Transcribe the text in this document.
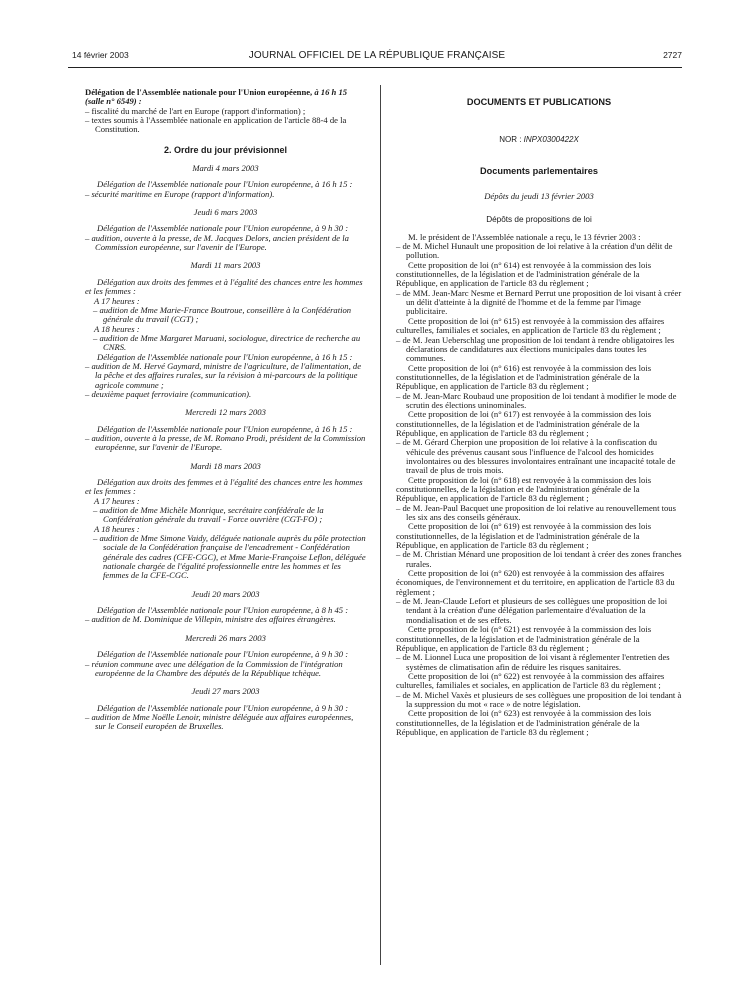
14 février 2003	JOURNAL OFFICIEL DE LA RÉPUBLIQUE FRANÇAISE	2727

Délégation de l'Assemblée nationale pour l'Union européenne, à 16 h 15 (salle n° 6549) :

– fiscalité du marché de l'art en Europe (rapport d'information) ;

– textes soumis à l'Assemblée nationale en application de l'article 88-4 de la Constitution.

2. Ordre du jour prévisionnel

Mardi 4 mars 2003

Délégation de l'Assemblée nationale pour l'Union européenne, à 16 h 15 :

– sécurité maritime en Europe (rapport d'information).

Jeudi 6 mars 2003

Délégation de l'Assemblée nationale pour l'Union européenne, à 9 h 30 :

– audition, ouverte à la presse, de M. Jacques Delors, ancien président de la Commission européenne, sur l'avenir de l'Europe.

Mardi 11 mars 2003

Délégation aux droits des femmes et à l'égalité des chances entre les hommes et les femmes :

A 17 heures :

– audition de Mme Marie-France Boutroue, conseillère à la Confédération générale du travail (CGT) ;

A 18 heures :

– audition de Mme Margaret Maruani, sociologue, directrice de recherche au CNRS.

Délégation de l'Assemblée nationale pour l'Union européenne, à 16 h 15 :

– audition de M. Hervé Gaymard, ministre de l'agriculture, de l'alimentation, de la pêche et des affaires rurales, sur la révision à mi-parcours de la politique agricole commune ;

– deuxième paquet ferroviaire (communication).

Mercredi 12 mars 2003

Délégation de l'Assemblée nationale pour l'Union européenne, à 16 h 15 :

– audition, ouverte à la presse, de M. Romano Prodi, président de la Commission européenne, sur l'avenir de l'Europe.

Mardi 18 mars 2003

Délégation aux droits des femmes et à l'égalité des chances entre les hommes et les femmes :

A 17 heures :

– audition de Mme Michèle Monrique, secrétaire confédérale de la Confédération générale du travail - Force ouvrière (CGT-FO) ;

A 18 heures :

– audition de Mme Simone Vaidy, déléguée nationale auprès du pôle protection sociale de la Confédération française de l'encadrement - Confédération générale des cadres (CFE-CGC), et Mme Marie-Françoise Leflon, déléguée nationale chargée de l'égalité professionnelle entre les hommes et les femmes de la CFE-CGC.

Jeudi 20 mars 2003

Délégation de l'Assemblée nationale pour l'Union européenne, à 8 h 45 :

– audition de M. Dominique de Villepin, ministre des affaires étrangères.

Mercredi 26 mars 2003

Délégation de l'Assemblée nationale pour l'Union européenne, à 9 h 30 :

– réunion commune avec une délégation de la Commission de l'intégration européenne de la Chambre des députés de la République tchèque.

Jeudi 27 mars 2003

Délégation de l'Assemblée nationale pour l'Union européenne, à 9 h 30 :

– audition de Mme Noëlle Lenoir, ministre déléguée aux affaires européennes, sur le Conseil européen de Bruxelles.

DOCUMENTS ET PUBLICATIONS

NOR : INPX0300422X

Documents parlementaires

Dépôts du jeudi 13 février 2003

Dépôts de propositions de loi

M. le président de l'Assemblée nationale a reçu, le 13 février 2003 :

– de M. Michel Hunault une proposition de loi relative à la création d'un délit de pollution.

Cette proposition de loi (n° 614) est renvoyée à la commission des lois constitutionnelles, de la législation et de l'administration générale de la République, en application de l'article 83 du règlement ;

– de MM. Jean-Marc Nesme et Bernard Perrut une proposition de loi visant à créer un délit d'atteinte à la dignité de l'homme et de la femme par l'image publicitaire.

Cette proposition de loi (n° 615) est renvoyée à la commission des affaires culturelles, familiales et sociales, en application de l'article 83 du règlement ;

– de M. Jean Ueberschlag une proposition de loi tendant à rendre obligatoires les déclarations de candidatures aux élections municipales dans toutes les communes.

Cette proposition de loi (n° 616) est renvoyée à la commission des lois constitutionnelles, de la législation et de l'administration générale de la République, en application de l'article 83 du règlement ;

– de M. Jean-Marc Roubaud une proposition de loi tendant à modifier le mode de scrutin des élections uninominales.

Cette proposition de loi (n° 617) est renvoyée à la commission des lois constitutionnelles, de la législation et de l'administration générale de la République, en application de l'article 83 du règlement ;

– de M. Gérard Cherpion une proposition de loi relative à la confiscation du véhicule des prévenus causant sous l'influence de l'alcool des homicides involontaires ou des blessures involontaires entraînant une incapacité totale de travail de plus de trois mois.

Cette proposition de loi (n° 618) est renvoyée à la commission des lois constitutionnelles, de la législation et de l'administration générale de la République, en application de l'article 83 du règlement ;

– de M. Jean-Paul Bacquet une proposition de loi relative au renouvellement tous les six ans des conseils généraux.

Cette proposition de loi (n° 619) est renvoyée à la commission des lois constitutionnelles, de la législation et de l'administration générale de la République, en application de l'article 83 du règlement ;

– de M. Christian Ménard une proposition de loi tendant à créer des zones franches rurales.

Cette proposition de loi (n° 620) est renvoyée à la commission des affaires économiques, de l'environnement et du territoire, en application de l'article 83 du règlement ;

– de M. Jean-Claude Lefort et plusieurs de ses collègues une proposition de loi tendant à la création d'une délégation parlementaire d'évaluation de la mondialisation et de ses effets.

Cette proposition de loi (n° 621) est renvoyée à la commission des lois constitutionnelles, de la législation et de l'administration générale de la République, en application de l'article 83 du règlement ;

– de M. Lionnel Luca une proposition de loi visant à réglementer l'entretien des systèmes de climatisation afin de réduire les risques sanitaires.

Cette proposition de loi (n° 622) est renvoyée à la commission des affaires culturelles, familiales et sociales, en application de l'article 83 du règlement ;

– de M. Michel Vaxès et plusieurs de ses collègues une proposition de loi tendant à la suppression du mot « race » de notre législation.

Cette proposition de loi (n° 623) est renvoyée à la commission des lois constitutionnelles, de la législation et de l'administration générale de la République, en application de l'article 83 du règlement ;
